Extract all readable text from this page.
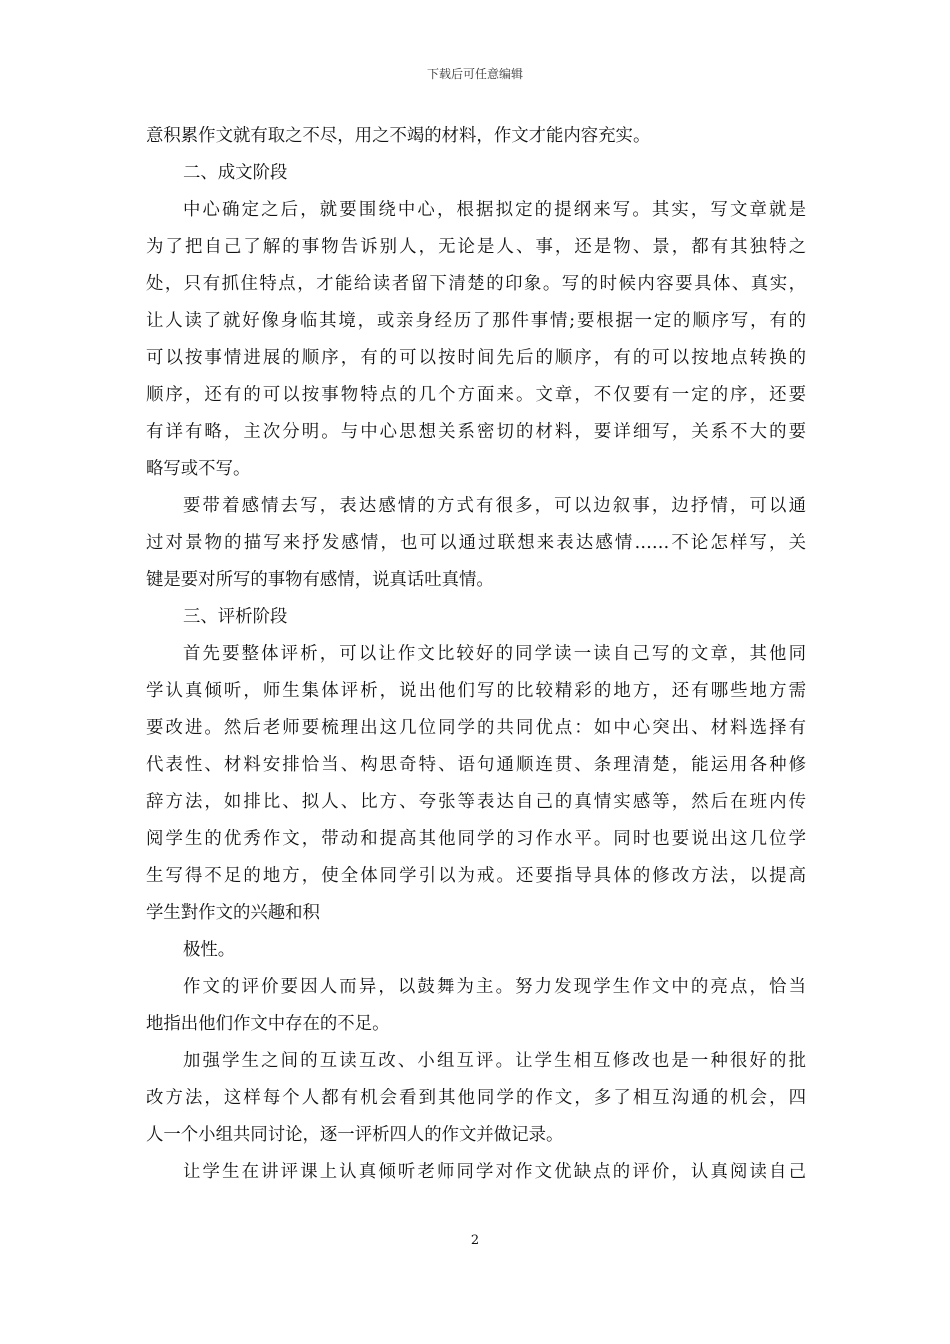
下载后可任意编辑
意积累作文就有取之不尽，用之不竭的材料，作文才能内容充实。
二、成文阶段
中心确定之后，就要围绕中心，根据拟定的提纲来写。其实，写文章就是
为了把自己了解的事物告诉别人，无论是人、事，还是物、景，都有其独特之
处，只有抓住特点，才能给读者留下清楚的印象。写的时候内容要具体、真实，
让人读了就好像身临其境，或亲身经历了那件事情;要根据一定的顺序写，有的
可以按事情进展的顺序，有的可以按时间先后的顺序，有的可以按地点转换的
顺序，还有的可以按事物特点的几个方面来。文章，不仅要有一定的序，还要
有详有略，主次分明。与中心思想关系密切的材料，要详细写，关系不大的要
略写或不写。
要带着感情去写，表达感情的方式有很多，可以边叙事，边抒情，可以通
过对景物的描写来抒发感情，也可以通过联想来表达感情……不论怎样写，关
键是要对所写的事物有感情，说真话吐真情。
三、评析阶段
首先要整体评析，可以让作文比较好的同学读一读自己写的文章，其他同
学认真倾听，师生集体评析，说出他们写的比较精彩的地方，还有哪些地方需
要改进。然后老师要梳理出这几位同学的共同优点：如中心突出、材料选择有
代表性、材料安排恰当、构思奇特、语句通顺连贯、条理清楚，能运用各种修
辞方法，如排比、拟人、比方、夸张等表达自己的真情实感等，然后在班内传
阅学生的优秀作文，带动和提高其他同学的习作水平。同时也要说出这几位学
生写得不足的地方，使全体同学引以为戒。还要指导具体的修改方法，以提高
学生對作文的兴趣和积
极性。
作文的评价要因人而异，以鼓舞为主。努力发现学生作文中的亮点，恰当
地指出他们作文中存在的不足。
加强学生之间的互读互改、小组互评。让学生相互修改也是一种很好的批
改方法，这样每个人都有机会看到其他同学的作文，多了相互沟通的机会，四
人一个小组共同讨论，逐一评析四人的作文并做记录。
让学生在讲评课上认真倾听老师同学对作文优缺点的评价，认真阅读自己
2
